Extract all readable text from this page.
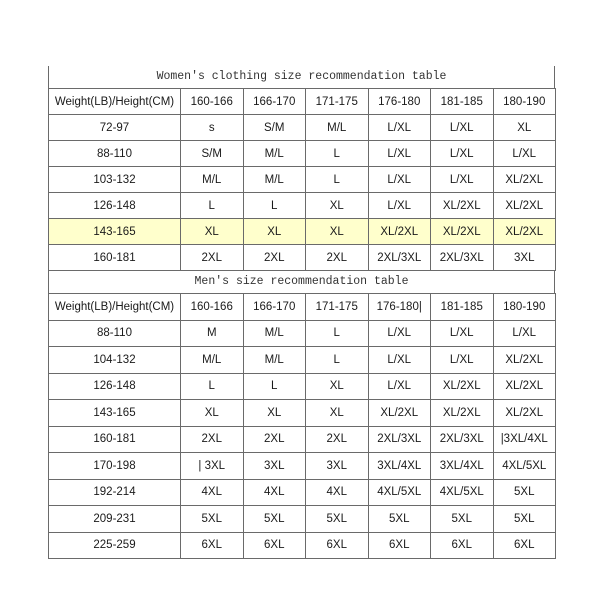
Women's clothing size recommendation table
Weight(LB)/Height(CM)	160-166	166-170	171-175	176-180	181-185	180-190
72-97	s	S/M	M/L	L/XL	L/XL	XL
88-110	S/M	M/L	L	L/XL	L/XL	L/XL
103-132	M/L	M/L	L	L/XL	L/XL	XL/2XL
126-148	L	L	XL	L/XL	XL/2XL	XL/2XL
143-165	XL	XL	XL	XL/2XL	XL/2XL	XL/2XL
160-181	2XL	2XL	2XL	2XL/3XL	2XL/3XL	3XL
Men's size recommendation table
Weight(LB)/Height(CM)	160-166	166-170	171-175	176-180|	181-185	180-190
88-110	M	M/L	L	L/XL	L/XL	L/XL
104-132	M/L	M/L	L	L/XL	L/XL	XL/2XL
126-148	L	L	XL	L/XL	XL/2XL	XL/2XL
143-165	XL	XL	XL	XL/2XL	XL/2XL	XL/2XL
160-181	2XL	2XL	2XL	2XL/3XL	2XL/3XL	|3XL/4XL
170-198	| 3XL	3XL	3XL	3XL/4XL	3XL/4XL	4XL/5XL
192-214	4XL	4XL	4XL	4XL/5XL	4XL/5XL	5XL
209-231	5XL	5XL	5XL	5XL	5XL	5XL
225-259	6XL	6XL	6XL	6XL	6XL	6XL
